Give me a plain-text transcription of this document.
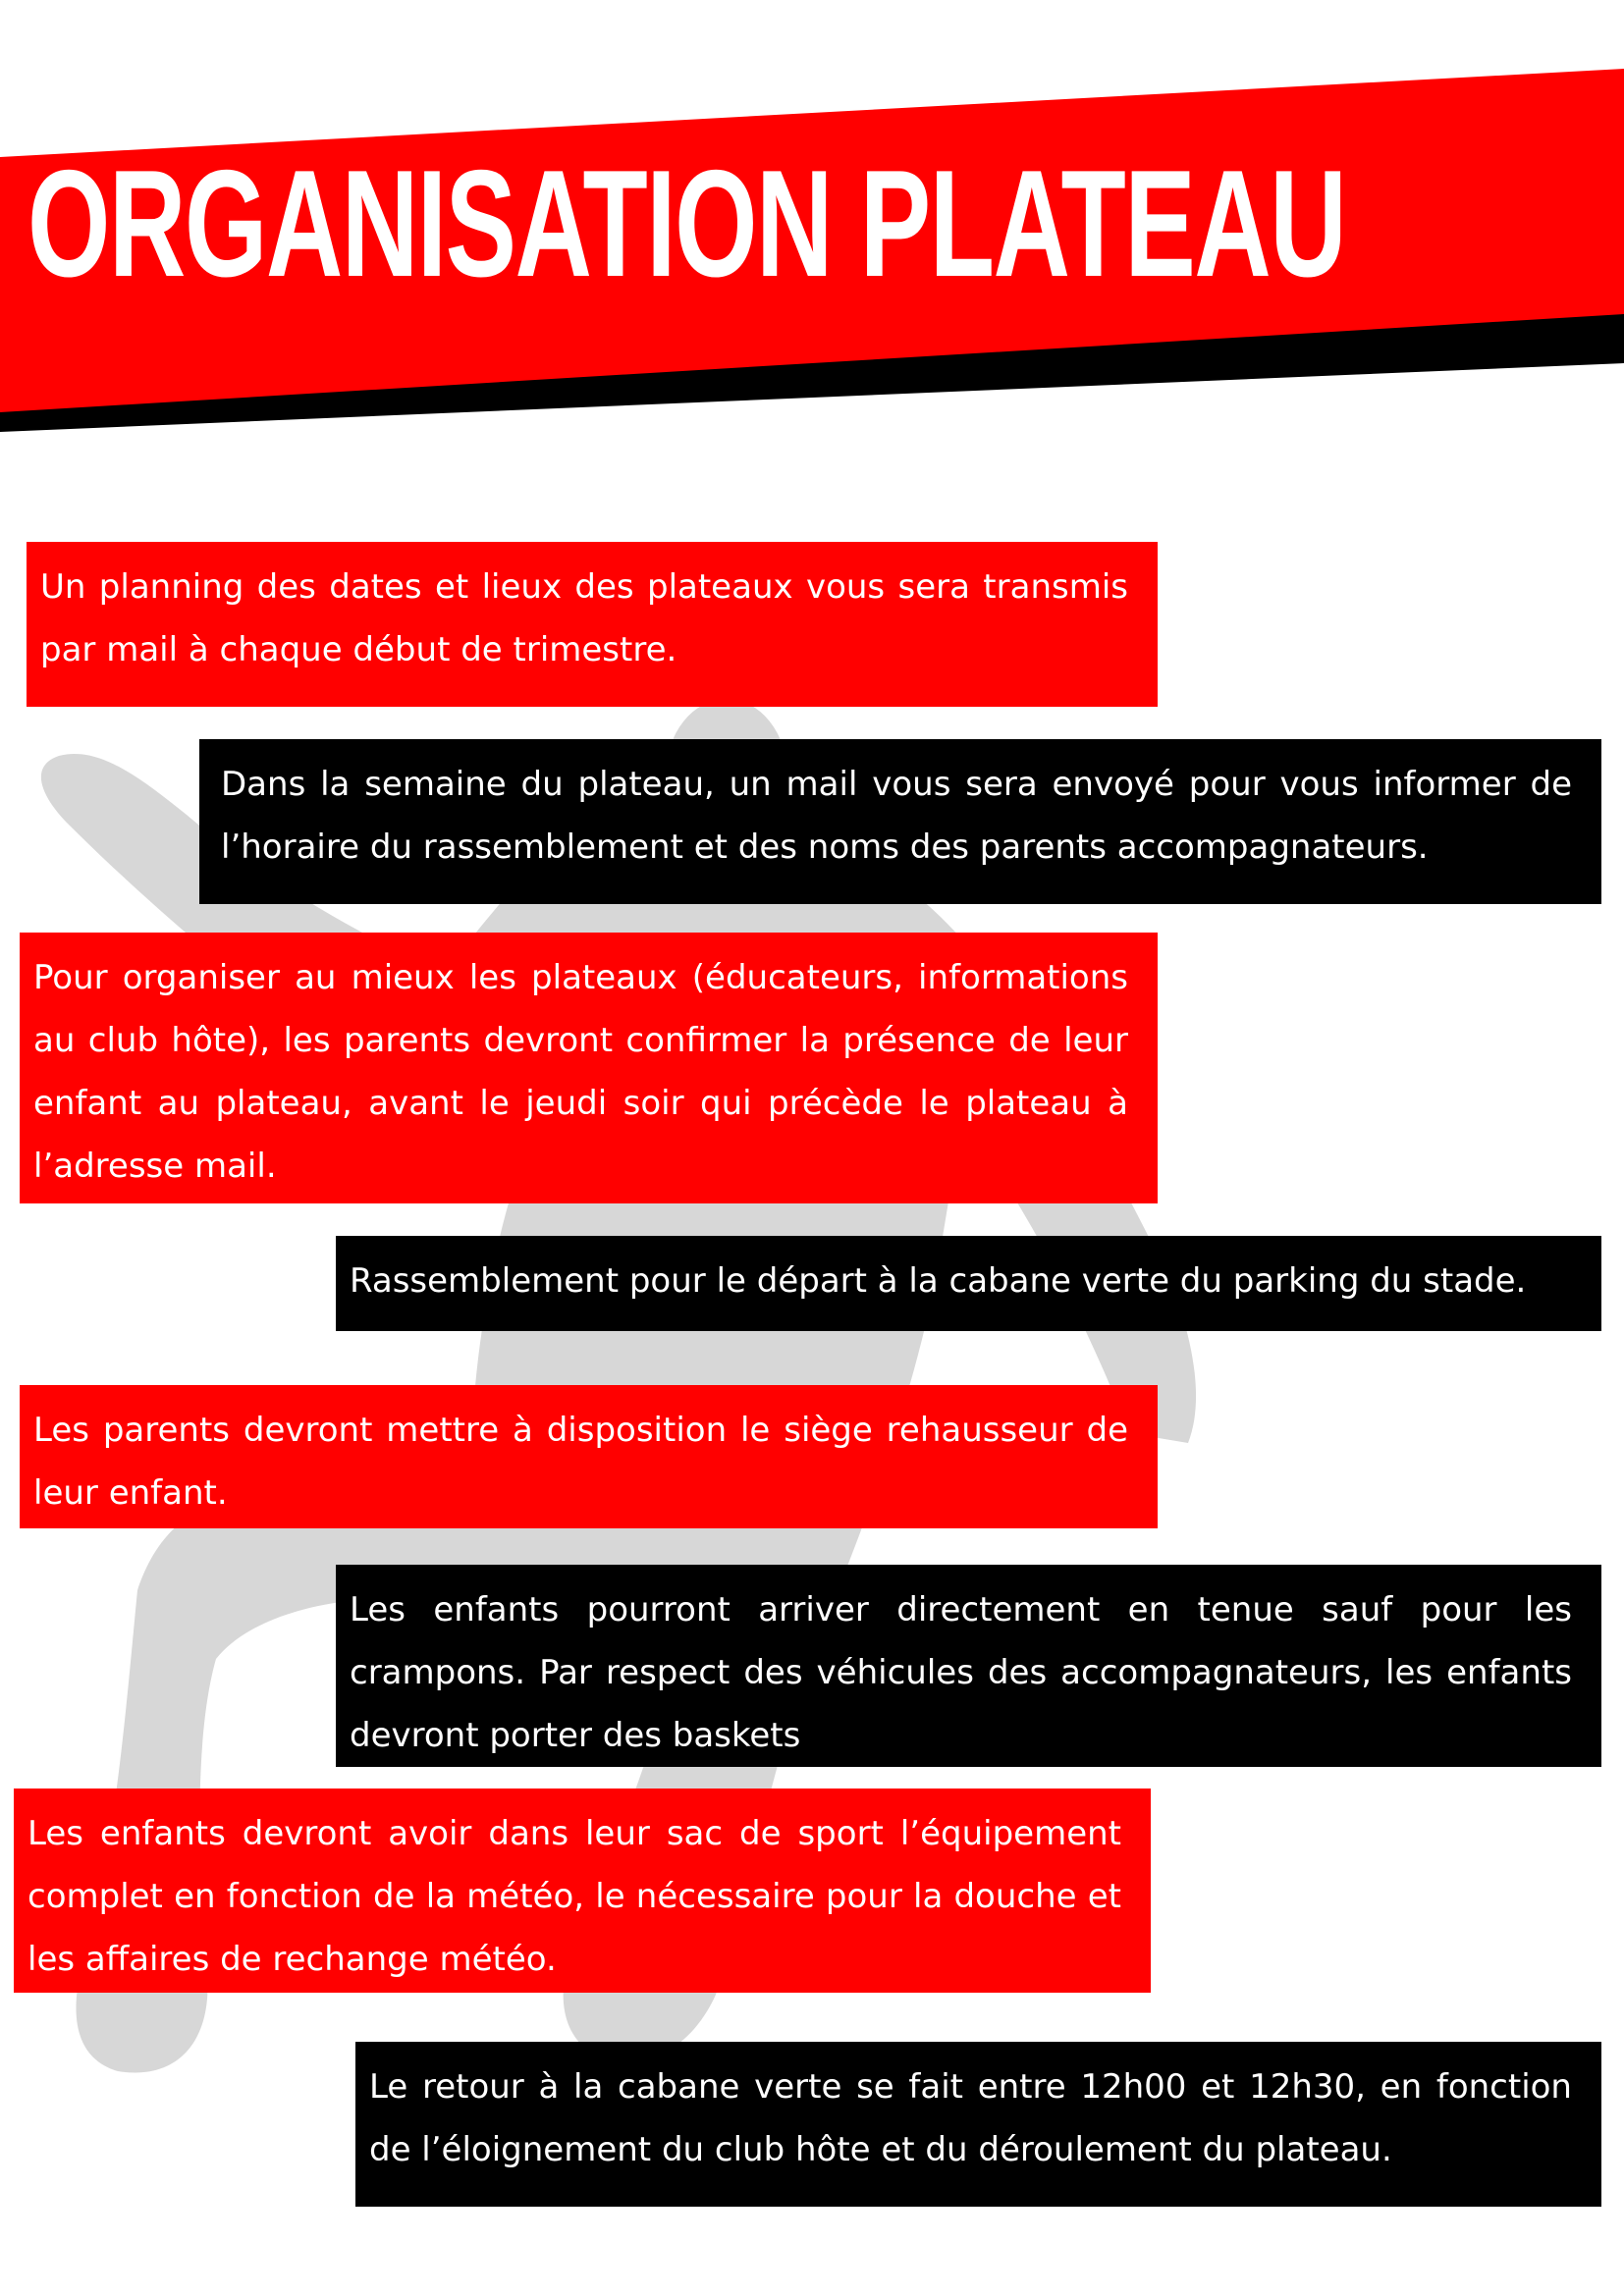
ORGANISATION PLATEAU
Un planning des dates et lieux des plateaux vous sera transmis par mail à chaque début de trimestre.
Dans la semaine du plateau, un mail vous sera envoyé pour vous informer de l’horaire du rassemblement et des noms des parents accompagnateurs.
Pour organiser au mieux les plateaux (éducateurs, informations au club hôte), les parents devront confirmer la présence de leur enfant au plateau, avant le jeudi soir qui précède le plateau à l’adresse mail.
Rassemblement pour le départ à la cabane verte du parking du stade.
Les parents devront mettre à disposition le siège rehausseur de leur enfant.
Les enfants pourront arriver directement en tenue sauf pour les crampons. Par respect des véhicules des accompagnateurs, les enfants devront porter des baskets
Les enfants devront avoir dans leur sac de sport l’équipement complet en fonction de la météo, le nécessaire pour la douche et les affaires de rechange météo.
Le retour à la cabane verte se fait entre 12h00 et 12h30, en fonction de l’éloignement du club hôte et du déroulement du plateau.
